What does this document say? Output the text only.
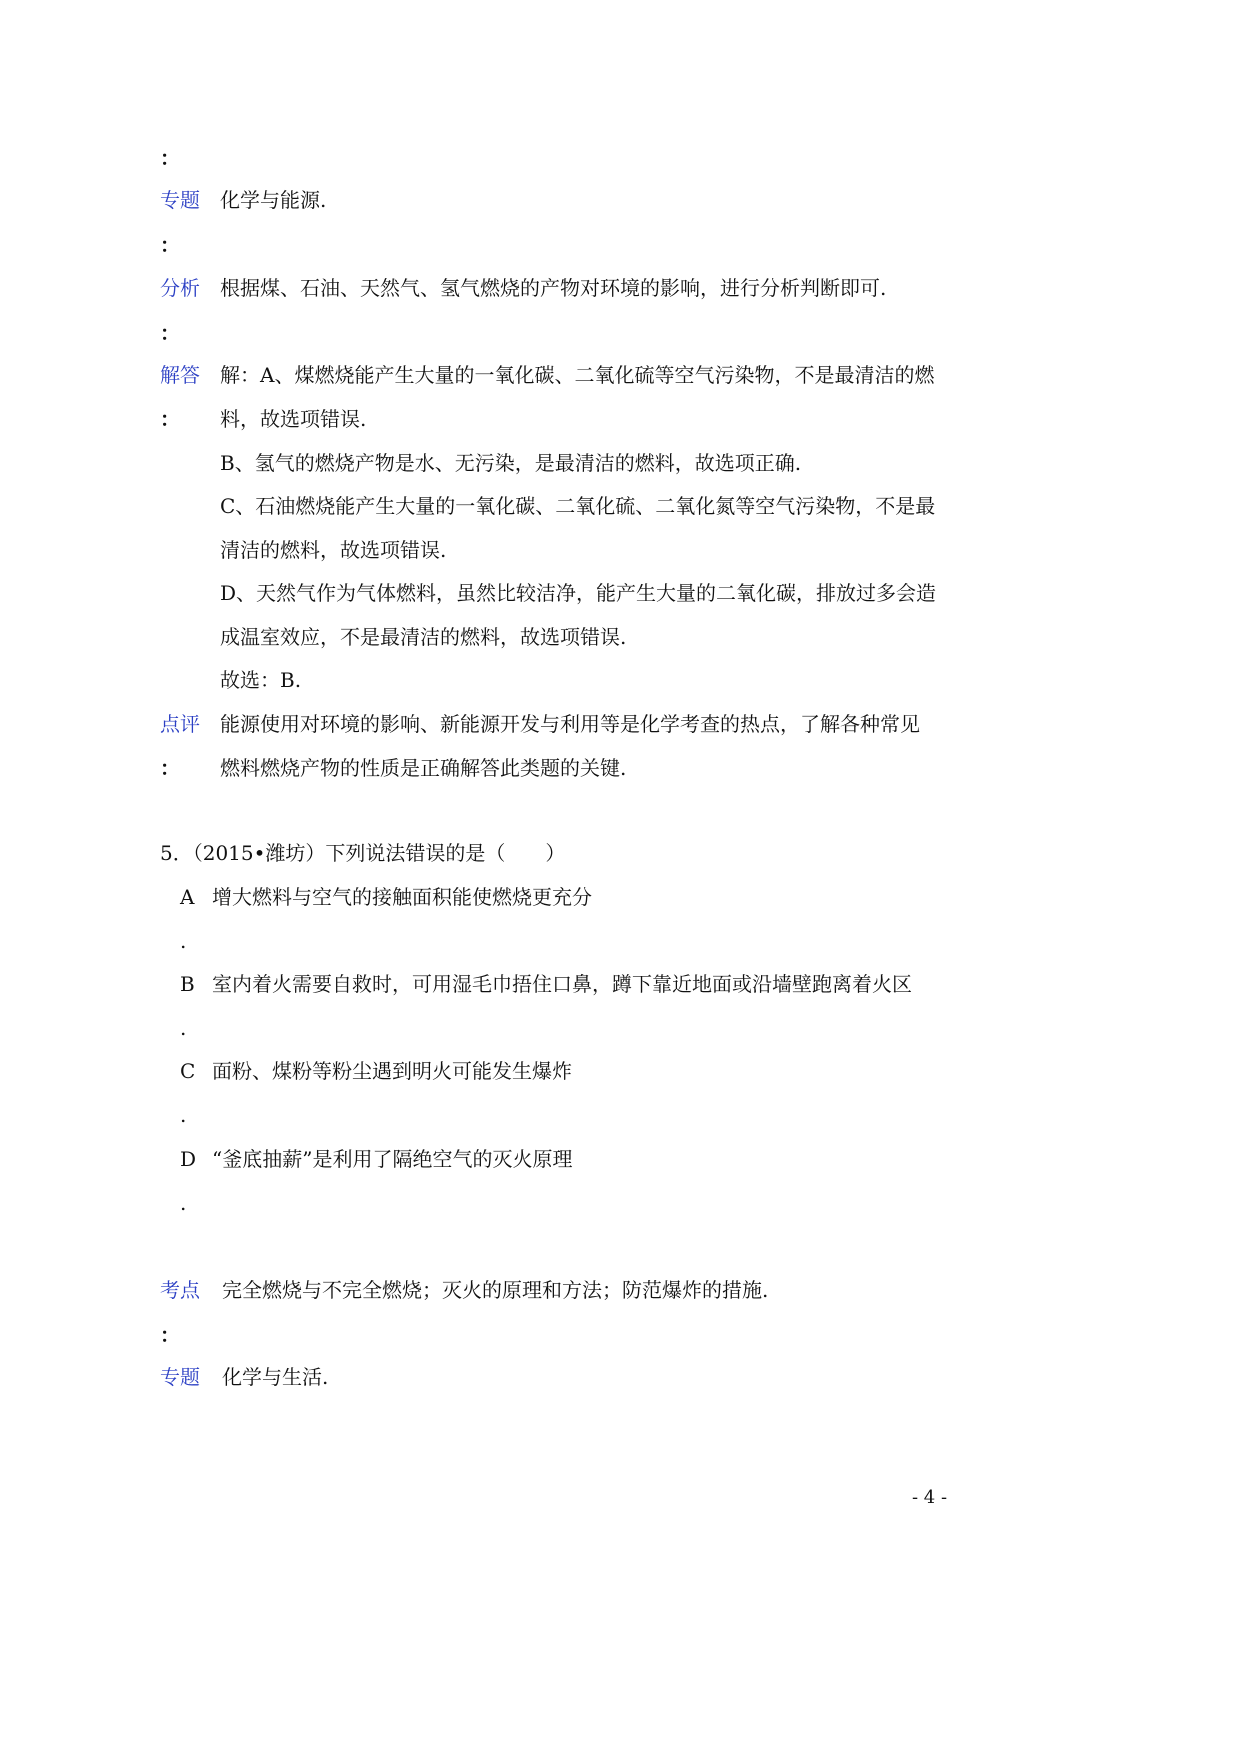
：
专题 化学与能源.
：
分析 根据煤、石油、天然气、氢气燃烧的产物对环境的影响，进行分析判断即可.
：
解答
：
解：A、煤燃烧能产生大量的一氧化碳、二氧化硫等空气污染物，不是最清洁的燃
料，故选项错误.
B、氢气的燃烧产物是水、无污染，是最清洁的燃料，故选项正确.
C、石油燃烧能产生大量的一氧化碳、二氧化硫、二氧化氮等空气污染物，不是最
清洁的燃料，故选项错误.
D、天然气作为气体燃料，虽然比较洁净，能产生大量的二氧化碳，排放过多会造
成温室效应，不是最清洁的燃料，故选项错误.
故选：B.
点评
：
能源使用对环境的影响、新能源开发与利用等是化学考查的热点，了解各种常见
燃料燃烧产物的性质是正确解答此类题的关键.
5．（2015•潍坊）下列说法错误的是（　　）
A 增大燃料与空气的接触面积能使燃烧更充分
.
B 室内着火需要自救时，可用湿毛巾捂住口鼻，蹲下靠近地面或沿墙壁跑离着火区
.
C 面粉、煤粉等粉尘遇到明火可能发生爆炸
.
D “釜底抽薪”是利用了隔绝空气的灭火原理
.
考点 完全燃烧与不完全燃烧；灭火的原理和方法；防范爆炸的措施.
：
专题 化学与生活.
- 4 -
